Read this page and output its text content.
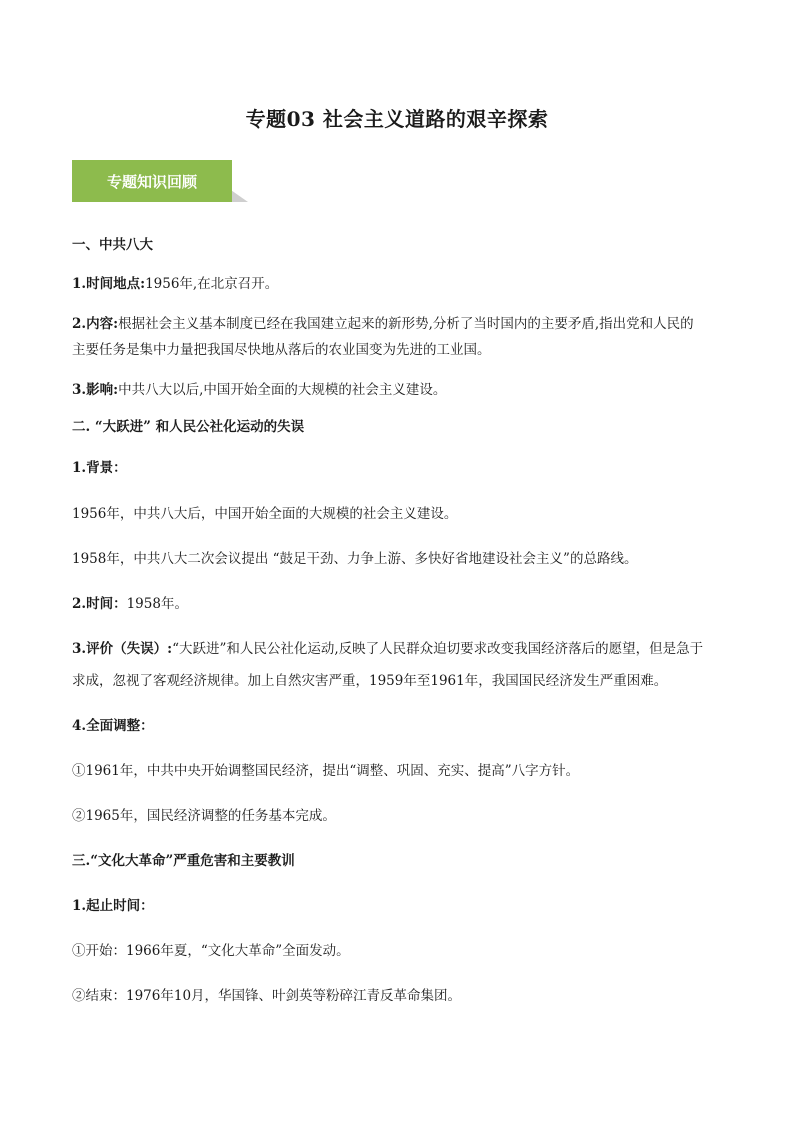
专题03 社会主义道路的艰辛探索
专题知识回顾
一、中共八大
1.时间地点:1956年,在北京召开。
2.内容:根据社会主义基本制度已经在我国建立起来的新形势,分析了当时国内的主要矛盾,指出党和人民的
主要任务是集中力量把我国尽快地从落后的农业国变为先进的工业国。
3.影响:中共八大以后,中国开始全面的大规模的社会主义建设。
二. “大跃进” 和人民公社化运动的失误
1.背景：
1956年，中共八大后，中国开始全面的大规模的社会主义建设。
1958年，中共八大二次会议提出 “鼓足干劲、力争上游、多快好省地建设社会主义”的总路线。
2.时间：1958年。
3.评价（失误）:“大跃进”和人民公社化运动,反映了人民群众迫切要求改变我国经济落后的愿望，但是急于
求成，忽视了客观经济规律。加上自然灾害严重，1959年至1961年，我国国民经济发生严重困难。
4.全面调整：
①1961年，中共中央开始调整国民经济，提出“调整、巩固、充实、提高”八字方针。
②1965年，国民经济调整的任务基本完成。
三.“文化大革命”严重危害和主要教训
1.起止时间：
①开始：1966年夏，“文化大革命”全面发动。
②结束：1976年10月，华国锋、叶剑英等粉碎江青反革命集团。
